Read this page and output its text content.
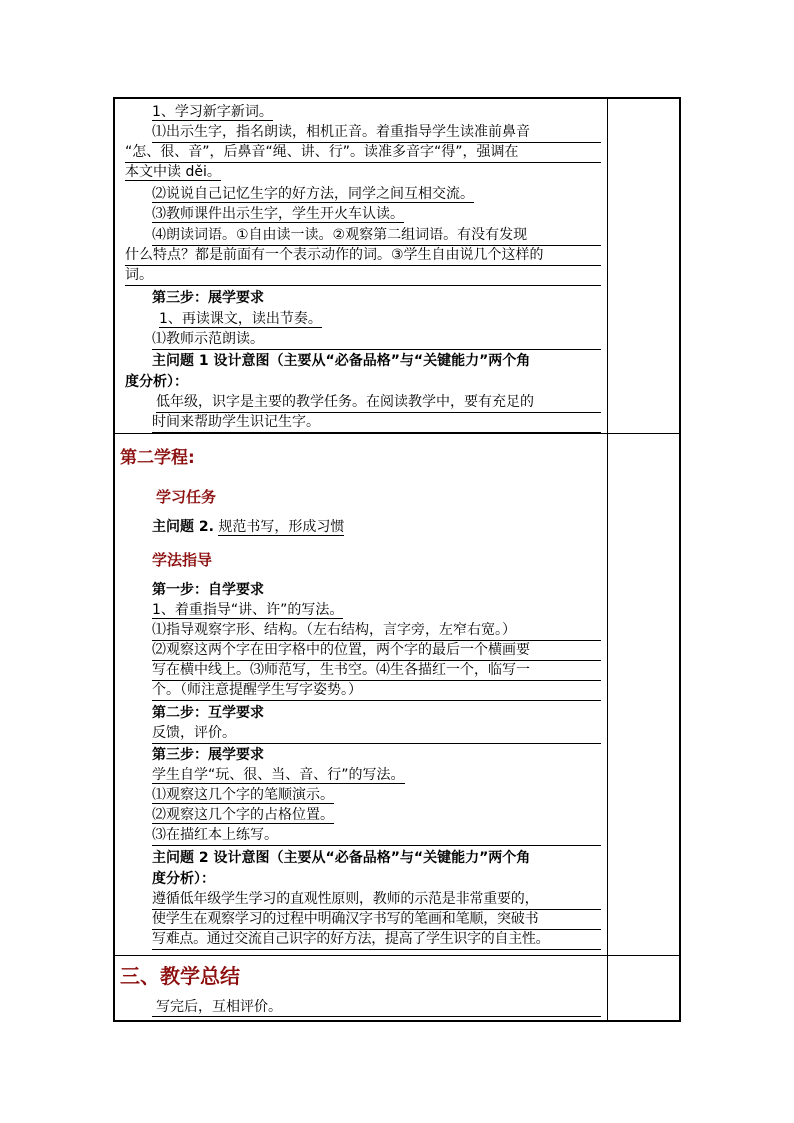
1、学习新字新词。
⑴出示生字，指名朗读，相机正音。着重指导学生读准前鼻音
“怎、很、音”，后鼻音“绳、讲、行”。读准多音字“得”，强调在
本文中读 děi。
⑵说说自己记忆生字的好方法，同学之间互相交流。
⑶教师课件出示生字，学生开火车认读。
⑷朗读词语。①自由读一读。②观察第二组词语。有没有发现
什么特点？都是前面有一个表示动作的词。③学生自由说几个这样的
词。
第三步：展学要求
1、再读课文，读出节奏。
⑴教师示范朗读。
主问题 1 设计意图（主要从“必备品格”与“关键能力”两个角
度分析）：
低年级，识字是主要的教学任务。在阅读教学中，要有充足的
时间来帮助学生识记生字。
第二学程:
学习任务
主问题 2. 规范书写，形成习惯
学法指导
第一步：自学要求
1、着重指导“讲、许”的写法。
⑴指导观察字形、结构。（左右结构，言字旁，左窄右宽。）
⑵观察这两个字在田字格中的位置，两个字的最后一个横画要
写在横中线上。⑶师范写，生书空。⑷生各描红一个，临写一
个。（师注意提醒学生写字姿势。）
第二步：互学要求
反馈，评价。
第三步：展学要求
学生自学“玩、很、当、音、行”的写法。
⑴观察这几个字的笔顺演示。
⑵观察这几个字的占格位置。
⑶在描红本上练写。
主问题 2 设计意图（主要从“必备品格”与“关键能力”两个角
度分析）：
遵循低年级学生学习的直观性原则，教师的示范是非常重要的，
使学生在观察学习的过程中明确汉字书写的笔画和笔顺，突破书
写难点。通过交流自己识字的好方法，提高了学生识字的自主性。
三、教学总结
写完后，互相评价。
